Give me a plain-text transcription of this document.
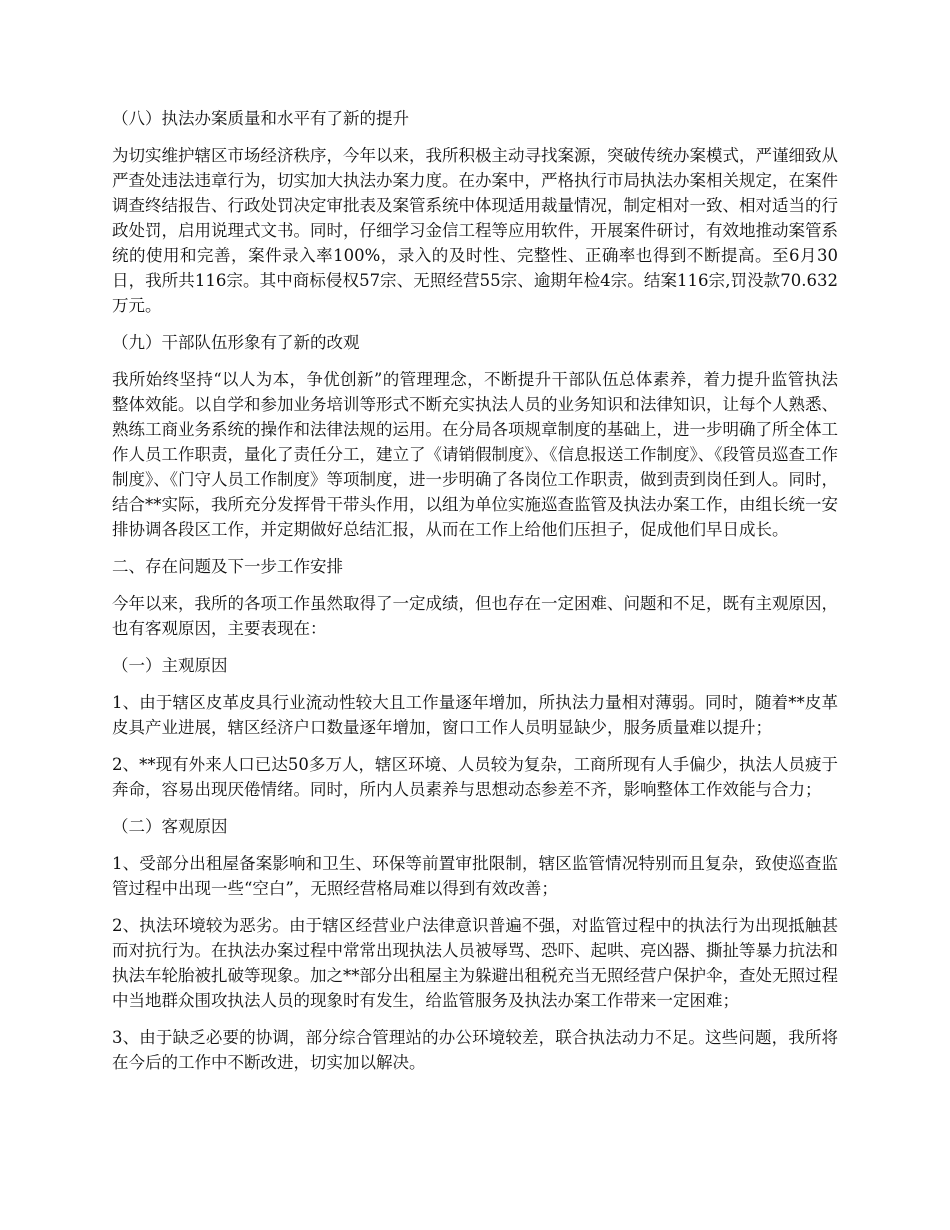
（八）执法办案质量和水平有了新的提升

为切实维护辖区市场经济秩序，今年以来，我所积极主动寻找案源，突破传统办案模式，严谨细致从严查处违法违章行为，切实加大执法办案力度。在办案中，严格执行市局执法办案相关规定，在案件调查终结报告、行政处罚决定审批表及案管系统中体现适用裁量情况，制定相对一致、相对适当的行政处罚，启用说理式文书。同时，仔细学习金信工程等应用软件，开展案件研讨，有效地推动案管系统的使用和完善，案件录入率100%，录入的及时性、完整性、正确率也得到不断提高。至6月30日，我所共116宗。其中商标侵权57宗、无照经营55宗、逾期年检4宗。结案116宗,罚没款70.632万元。

（九）干部队伍形象有了新的改观

我所始终坚持“以人为本，争优创新”的管理理念，不断提升干部队伍总体素养，着力提升监管执法整体效能。以自学和参加业务培训等形式不断充实执法人员的业务知识和法律知识，让每个人熟悉、熟练工商业务系统的操作和法律法规的运用。在分局各项规章制度的基础上，进一步明确了所全体工作人员工作职责，量化了责任分工，建立了《请销假制度》、《信息报送工作制度》、《段管员巡查工作制度》、《门守人员工作制度》等项制度，进一步明确了各岗位工作职责，做到责到岗任到人。同时，结合**实际，我所充分发挥骨干带头作用，以组为单位实施巡查监管及执法办案工作，由组长统一安排协调各段区工作，并定期做好总结汇报，从而在工作上给他们压担子，促成他们早日成长。

二、存在问题及下一步工作安排

今年以来，我所的各项工作虽然取得了一定成绩，但也存在一定困难、问题和不足，既有主观原因，也有客观原因，主要表现在：

（一）主观原因

1、由于辖区皮革皮具行业流动性较大且工作量逐年增加，所执法力量相对薄弱。同时，随着**皮革皮具产业进展，辖区经济户口数量逐年增加，窗口工作人员明显缺少，服务质量难以提升；

2、**现有外来人口已达50多万人，辖区环境、人员较为复杂，工商所现有人手偏少，执法人员疲于奔命，容易出现厌倦情绪。同时，所内人员素养与思想动态参差不齐，影响整体工作效能与合力；

（二）客观原因

1、受部分出租屋备案影响和卫生、环保等前置审批限制，辖区监管情况特别而且复杂，致使巡查监管过程中出现一些“空白”，无照经营格局难以得到有效改善；

2、执法环境较为恶劣。由于辖区经营业户法律意识普遍不强，对监管过程中的执法行为出现抵触甚而对抗行为。在执法办案过程中常常出现执法人员被辱骂、恐吓、起哄、亮凶器、撕扯等暴力抗法和执法车轮胎被扎破等现象。加之**部分出租屋主为躲避出租税充当无照经营户保护伞，查处无照过程中当地群众围攻执法人员的现象时有发生，给监管服务及执法办案工作带来一定困难；

3、由于缺乏必要的协调，部分综合管理站的办公环境较差，联合执法动力不足。这些问题，我所将在今后的工作中不断改进，切实加以解决。
